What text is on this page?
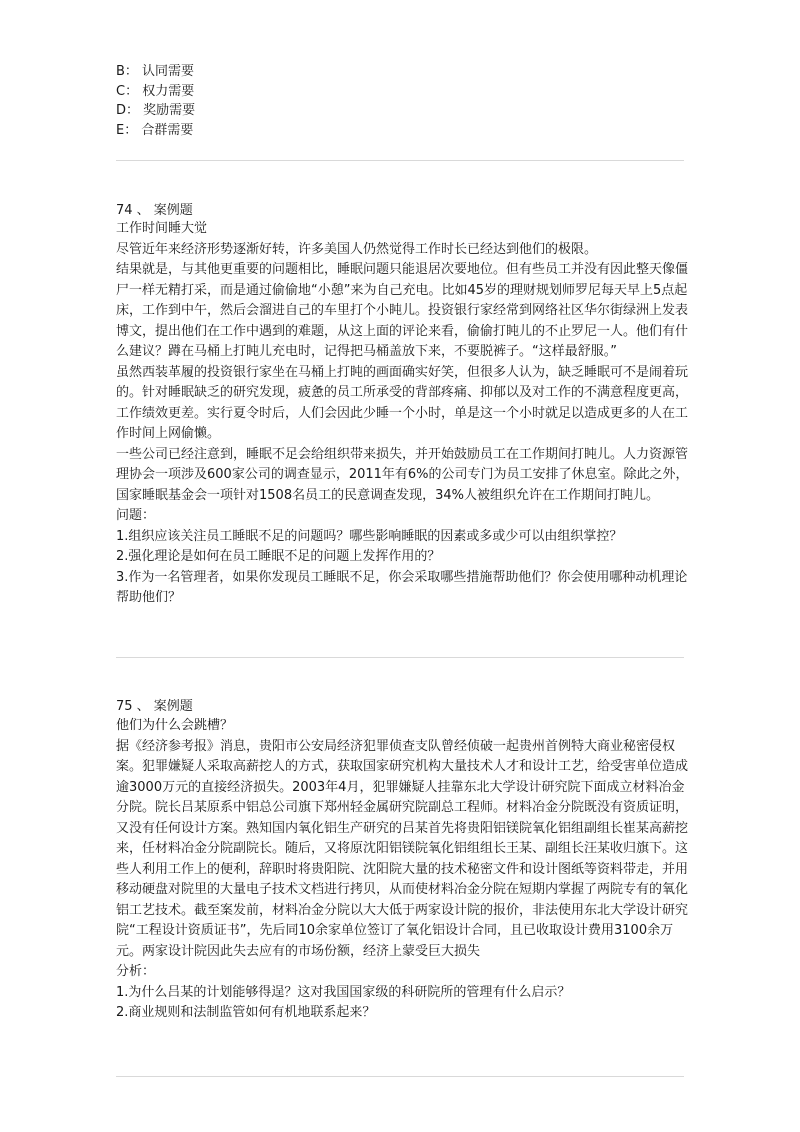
B： 认同需要
C： 权力需要
D： 奖励需要
E： 合群需要
74 、 案例题

工作时间睡大觉

尽管近年来经济形势逐渐好转，许多美国人仍然觉得工作时长已经达到他们的极限。

结果就是，与其他更重要的问题相比，睡眠问题只能退居次要地位。但有些员工并没有因此整天像僵尸一样无精打采，而是通过偷偷地“小憩”来为自己充电。比如45岁的理财规划师罗尼每天早上5点起床，工作到中午，然后会溜进自己的车里打个小盹儿。投资银行家经常到网络社区华尔街绿洲上发表博文，提出他们在工作中遇到的难题，从这上面的评论来看，偷偷打盹儿的不止罗尼一人。他们有什么建议？蹲在马桶上打盹儿充电时，记得把马桶盖放下来，不要脱裤子。“这样最舒服。”

虽然西装革履的投资银行家坐在马桶上打盹的画面确实好笑，但很多人认为，缺乏睡眠可不是闹着玩的。针对睡眠缺乏的研究发现，疲惫的员工所承受的背部疼痛、抑郁以及对工作的不满意程度更高，工作绩效更差。实行夏令时后，人们会因此少睡一个小时，单是这一个小时就足以造成更多的人在工作时间上网偷懒。

一些公司已经注意到，睡眠不足会给组织带来损失，并开始鼓励员工在工作期间打盹儿。人力资源管理协会一项涉及600家公司的调查显示，2011年有6%的公司专门为员工安排了休息室。除此之外，国家睡眠基金会一项针对1508名员工的民意调查发现，34%人被组织允许在工作期间打盹儿。

问题：

1.组织应该关注员工睡眠不足的问题吗？哪些影响睡眠的因素或多或少可以由组织掌控？

2.强化理论是如何在员工睡眠不足的问题上发挥作用的？

3.作为一名管理者，如果你发现员工睡眠不足，你会采取哪些措施帮助他们？你会使用哪种动机理论帮助他们？

75 、 案例题

他们为什么会跳槽？

据《经济参考报》消息，贵阳市公安局经济犯罪侦查支队曾经侦破一起贵州首例特大商业秘密侵权案。犯罪嫌疑人采取高薪挖人的方式，获取国家研究机构大量技术人才和设计工艺，给受害单位造成逾3000万元的直接经济损失。2003年4月，犯罪嫌疑人挂靠东北大学设计研究院下面成立材料冶金分院。院长吕某原系中铝总公司旗下郑州轻金属研究院副总工程师。材料冶金分院既没有资质证明，又没有任何设计方案。熟知国内氧化铝生产研究的吕某首先将贵阳铝镁院氧化铝组副组长崔某高薪挖来，任材料冶金分院副院长。随后，又将原沈阳铝镁院氧化铝组组长王某、副组长汪某收归旗下。这些人利用工作上的便利，辞职时将贵阳院、沈阳院大量的技术秘密文件和设计图纸等资料带走，并用移动硬盘对院里的大量电子技术文档进行拷贝，从而使材料冶金分院在短期内掌握了两院专有的氧化铝工艺技术。截至案发前，材料冶金分院以大大低于两家设计院的报价，非法使用东北大学设计研究院“工程设计资质证书”，先后同10余家单位签订了氧化铝设计合同，且已收取设计费用3100余万元。两家设计院因此失去应有的市场份额，经济上蒙受巨大损失

分析：

1.为什么吕某的计划能够得逞？这对我国国家级的科研院所的管理有什么启示？

2.商业规则和法制监管如何有机地联系起来？
